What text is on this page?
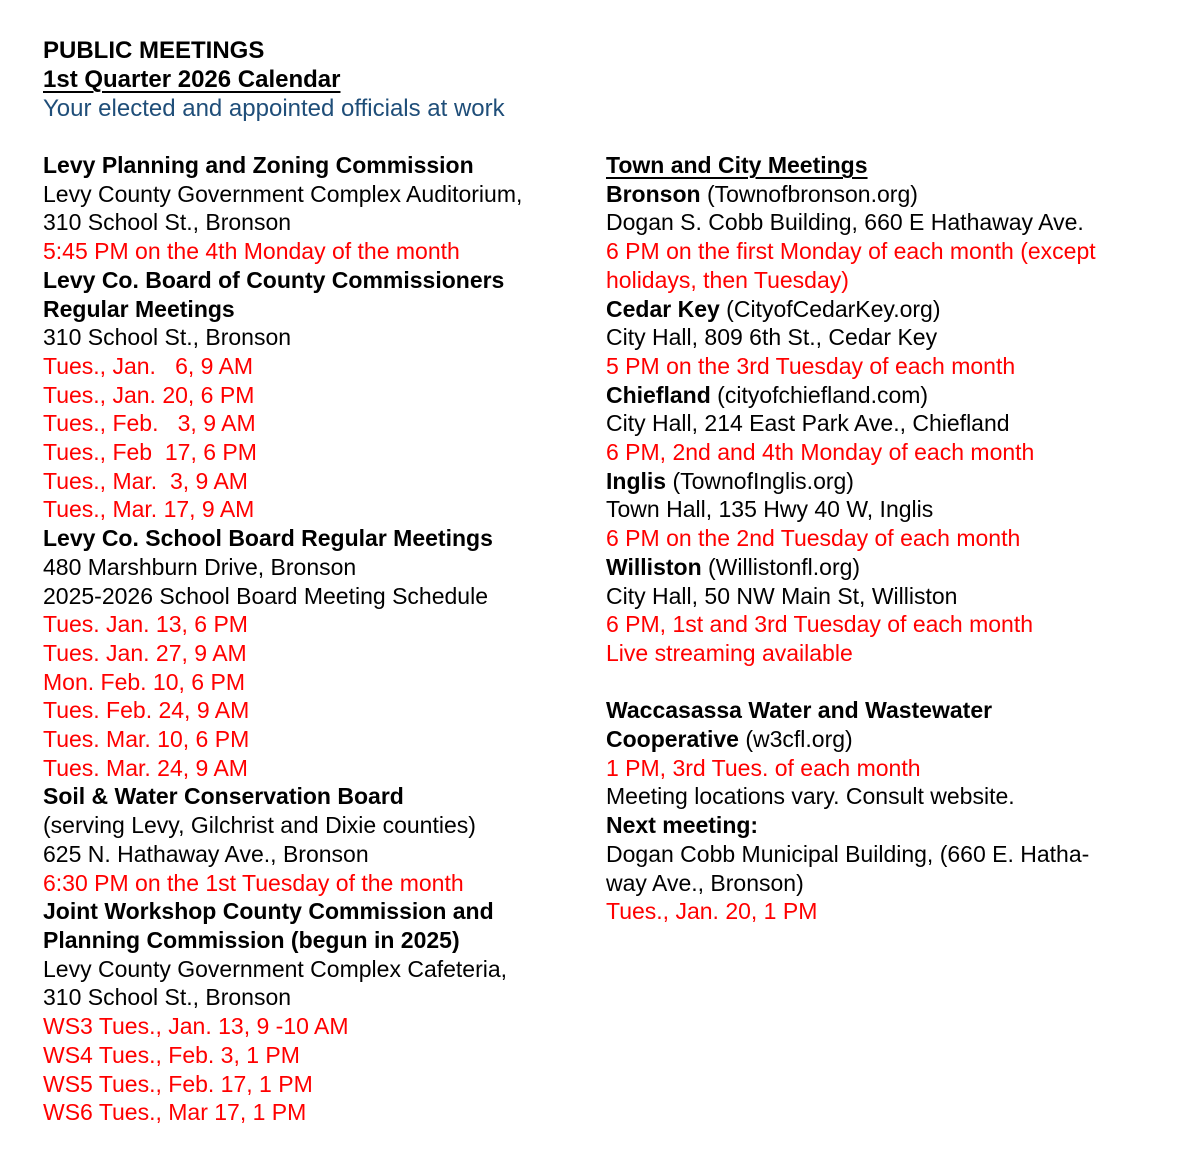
PUBLIC MEETINGS
1st Quarter 2026 Calendar
Your elected and appointed officials at work
Levy Planning and Zoning Commission
Levy County Government Complex Auditorium,
310 School St., Bronson
5:45 PM on the 4th Monday of the month
Levy Co. Board of County Commissioners
Regular Meetings
310 School St., Bronson
Tues., Jan.   6, 9 AM
Tues., Jan. 20, 6 PM
Tues., Feb.   3, 9 AM
Tues., Feb  17, 6 PM
Tues., Mar.  3, 9 AM
Tues., Mar. 17, 9 AM
Levy Co. School Board Regular Meetings
480 Marshburn Drive, Bronson
2025-2026 School Board Meeting Schedule
Tues. Jan. 13, 6 PM
Tues. Jan. 27, 9 AM
Mon. Feb. 10, 6 PM
Tues. Feb. 24, 9 AM
Tues. Mar. 10, 6 PM
Tues. Mar. 24, 9 AM
Soil & Water Conservation Board
(serving Levy, Gilchrist and Dixie counties)
625 N. Hathaway Ave., Bronson
6:30 PM on the 1st Tuesday of the month
Joint Workshop County Commission and
Planning Commission (begun in 2025)
Levy County Government Complex Cafeteria,
310 School St., Bronson
WS3 Tues., Jan. 13, 9 -10 AM
WS4 Tues., Feb. 3, 1 PM
WS5 Tues., Feb. 17, 1 PM
WS6 Tues., Mar 17, 1 PM
Town and City Meetings
Bronson (Townofbronson.org)
Dogan S. Cobb Building, 660 E Hathaway Ave.
6 PM on the first Monday of each month (except
holidays, then Tuesday)
Cedar Key (CityofCedarKey.org)
City Hall, 809 6th St., Cedar Key
5 PM on the 3rd Tuesday of each month
Chiefland (cityofchiefland.com)
City Hall, 214 East Park Ave., Chiefland
6 PM, 2nd and 4th Monday of each month
Inglis (TownofInglis.org)
Town Hall, 135 Hwy 40 W, Inglis
6 PM on the 2nd Tuesday of each month
Williston (Willistonfl.org)
City Hall, 50 NW Main St, Williston
6 PM, 1st and 3rd Tuesday of each month
Live streaming available
Waccasassa Water and Wastewater
Cooperative (w3cfl.org)
1 PM, 3rd Tues. of each month
Meeting locations vary. Consult website.
Next meeting:
Dogan Cobb Municipal Building, (660 E. Hatha-
way Ave., Bronson)
Tues., Jan. 20, 1 PM
